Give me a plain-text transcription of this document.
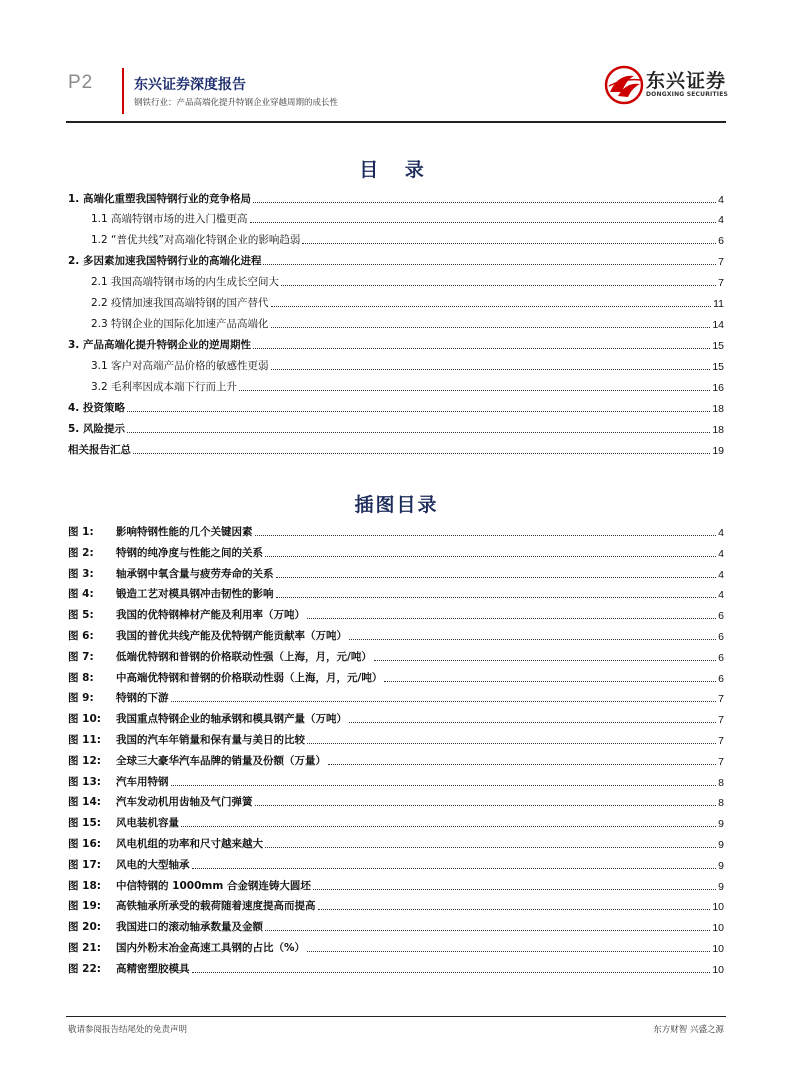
P2	东兴证券深度报告
钢铁行业：产品高端化提升特钢企业穿越周期的成长性
东兴证券
DONGXING SECURITIES
目 录
1. 高端化重塑我国特钢行业的竞争格局	4
1.1 高端特钢市场的进入门槛更高	4
1.2 “普优共线”对高端化特钢企业的影响趋弱	6
2. 多因素加速我国特钢行业的高端化进程	7
2.1 我国高端特钢市场的内生成长空间大	7
2.2 疫情加速我国高端特钢的国产替代	11
2.3 特钢企业的国际化加速产品高端化	14
3. 产品高端化提升特钢企业的逆周期性	15
3.1 客户对高端产品价格的敏感性更弱	15
3.2 毛利率因成本端下行而上升	16
4. 投资策略	18
5. 风险提示	18
相关报告汇总	19
插图目录
图 1: 影响特钢性能的几个关键因素	4
图 2: 特钢的纯净度与性能之间的关系	4
图 3: 轴承钢中氧含量与疲劳寿命的关系	4
图 4: 锻造工艺对模具钢冲击韧性的影响	4
图 5: 我国的优特钢棒材产能及利用率（万吨）	6
图 6: 我国的普优共线产能及优特钢产能贡献率（万吨）	6
图 7: 低端优特钢和普钢的价格联动性强（上海，月，元/吨）	6
图 8: 中高端优特钢和普钢的价格联动性弱（上海，月，元/吨）	6
图 9: 特钢的下游	7
图 10: 我国重点特钢企业的轴承钢和模具钢产量（万吨）	7
图 11: 我国的汽车年销量和保有量与美日的比较	7
图 12: 全球三大豪华汽车品牌的销量及份额（万量）	7
图 13: 汽车用特钢	8
图 14: 汽车发动机用齿轴及气门弹簧	8
图 15: 风电装机容量	9
图 16: 风电机组的功率和尺寸越来越大	9
图 17: 风电的大型轴承	9
图 18: 中信特钢的 1000mm 合金钢连铸大圆坯	9
图 19: 高铁轴承所承受的载荷随着速度提高而提高	10
图 20: 我国进口的滚动轴承数量及金额	10
图 21: 国内外粉末冶金高速工具钢的占比（%）	10
图 22: 高精密塑胶模具	10
敬请参阅报告结尾处的免责声明	东方财智 兴盛之源
